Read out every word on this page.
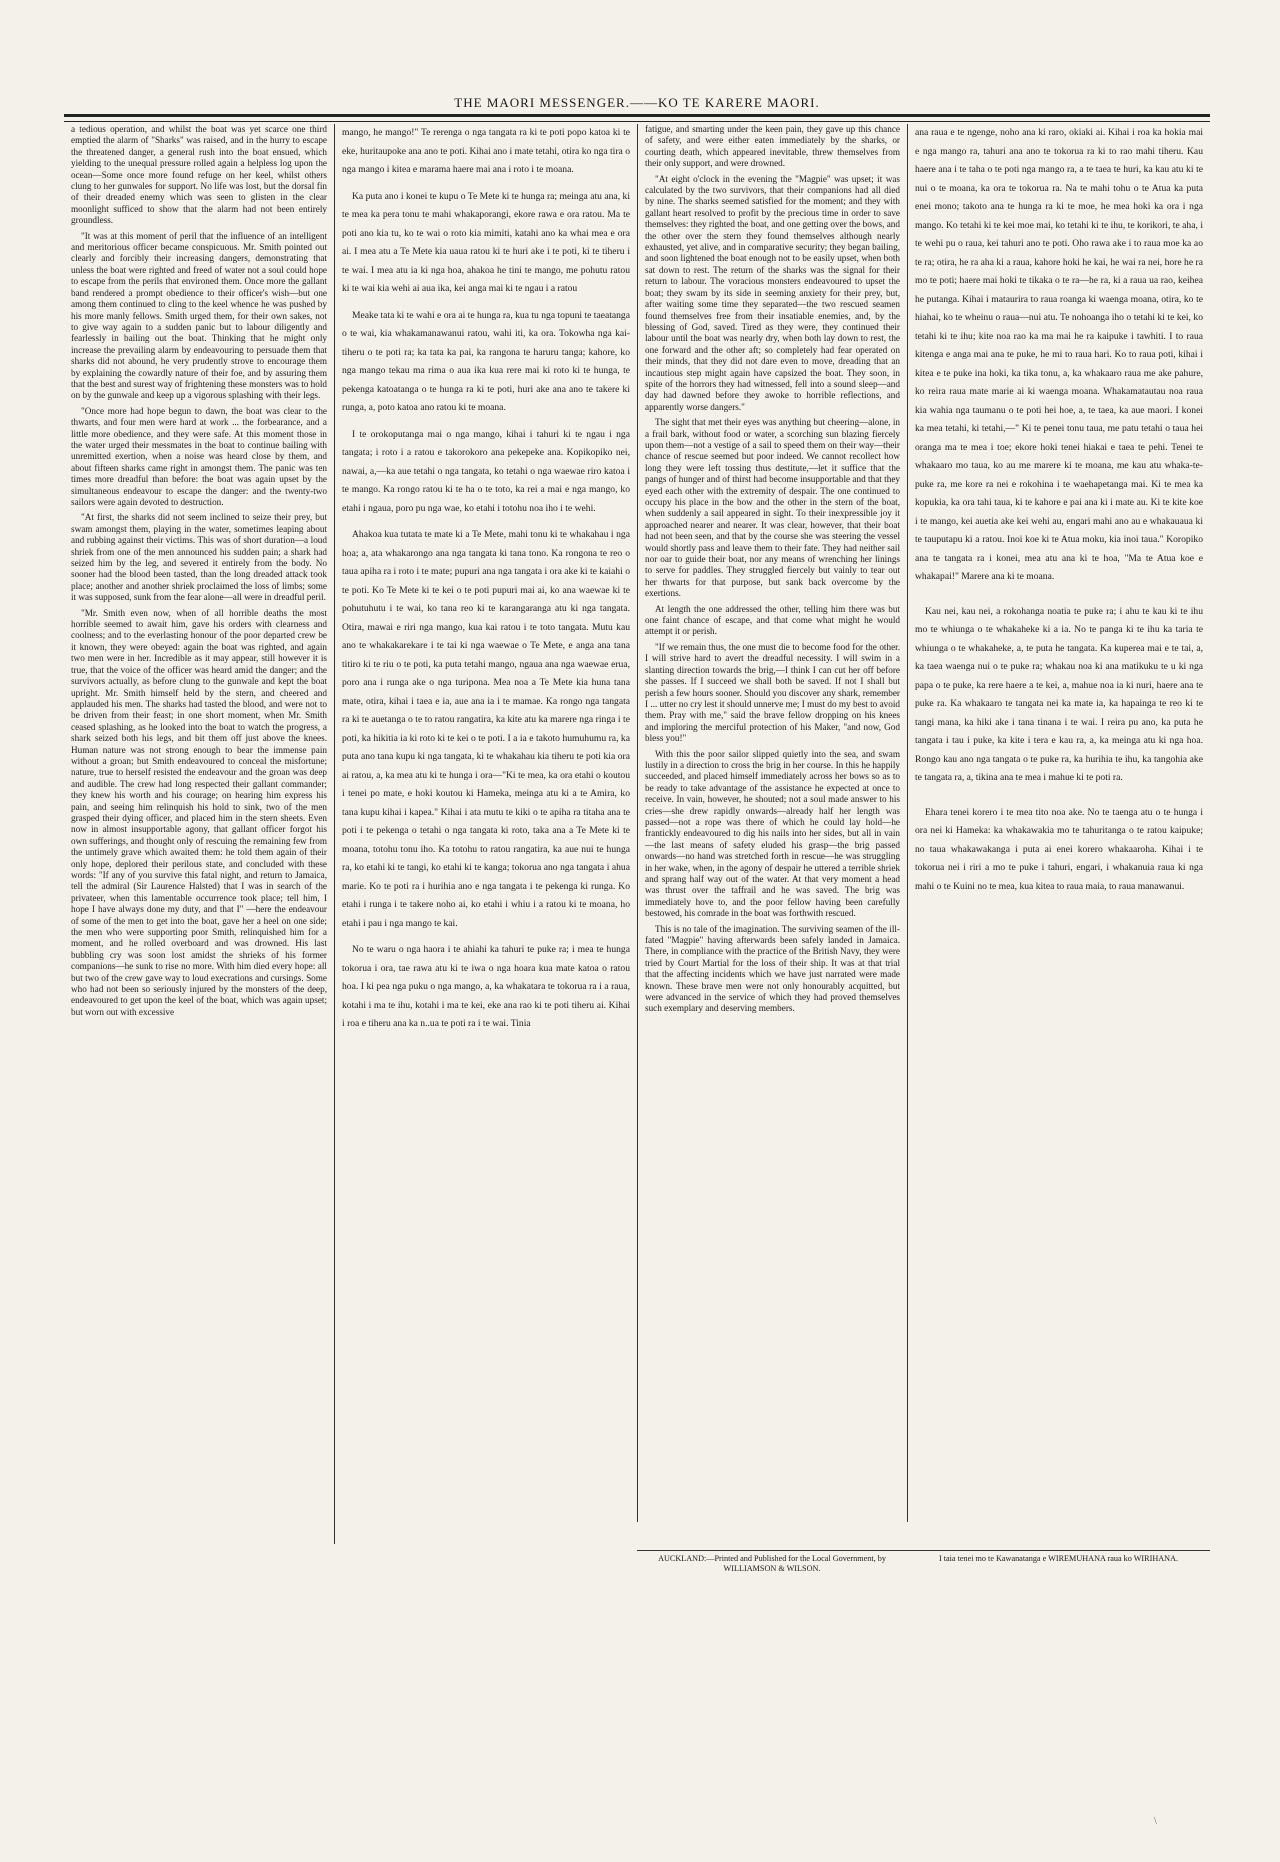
THE MAORI MESSENGER.——KO TE KARERE MAORI.

a tedious operation, and whilst the boat was yet scarce one third emptied the alarm of "Sharks" was raised, and in the hurry to escape the threatened danger, a general rush into the boat ensued, which yielding to the unequal pressure rolled again a helpless log upon the ocean—Some once more found refuge on her keel, whilst others clung to her gunwales for support. No life was lost, but the dorsal fin of their dreaded enemy which was seen to glisten in the clear moonlight sufficed to show that the alarm had not been entirely groundless.

"It was at this moment of peril that the influence of an intelligent and meritorious officer became conspicuous. Mr. Smith pointed out clearly and forcibly their increasing dangers, demonstrating that unless the boat were righted and freed of water not a soul could hope to escape from the perils that environed them. Once more the gallant band rendered a prompt obedience to their officer's wish—but one among them continued to cling to the keel whence he was pushed by his more manly fellows. Smith urged them, for their own sakes, not to give way again to a sudden panic but to labour diligently and fearlessly in bailing out the boat. Thinking that he might only increase the prevailing alarm by endeavouring to persuade them that sharks did not abound, he very prudently strove to encourage them by explaining the cowardly nature of their foe, and by assuring them that the best and surest way of frightening these monsters was to hold on by the gunwale and keep up a vigorous splashing with their legs.

"Once more had hope begun to dawn, the boat was clear to the thwarts, and four men were hard at work ... the forbearance, and a little more obedience, and they were safe. At this moment those in the water urged their messmates in the boat to continue bailing with unremitted exertion, when a noise was heard close by them, and about fifteen sharks came right in amongst them. The panic was ten times more dreadful than before: the boat was again upset by the simultaneous endeavour to escape the danger: and the twenty-two sailors were again devoted to destruction.

"At first, the sharks did not seem inclined to seize their prey, but swam amongst them, playing in the water, sometimes leaping about and rubbing against their victims. This was of short duration—a loud shriek from one of the men announced his sudden pain; a shark had seized him by the leg, and severed it entirely from the body. No sooner had the blood been tasted, than the long dreaded attack took place; another and another shriek proclaimed the loss of limbs; some it was supposed, sunk from the fear alone—all were in dreadful peril.

"Mr. Smith even now, when of all horrible deaths the most horrible seemed to await him, gave his orders with clearness and coolness; and to the everlasting honour of the poor departed crew be it known, they were obeyed: again the boat was righted, and again two men were in her. Incredible as it may appear, still however it is true, that the voice of the officer was heard amid the danger; and the survivors actually, as before clung to the gunwale and kept the boat upright. Mr. Smith himself held by the stern, and cheered and applauded his men. The sharks had tasted the blood, and were not to be driven from their feast; in one short moment, when Mr. Smith ceased splashing, as he looked into the boat to watch the progress, a shark seized both his legs, and bit them off just above the knees. Human nature was not strong enough to bear the immense pain without a groan; but Smith endeavoured to conceal the misfortune; nature, true to herself resisted the endeavour and the groan was deep and audible. The crew had long respected their gallant commander; they knew his worth and his courage; on hearing him express his pain, and seeing him relinquish his hold to sink, two of the men grasped their dying officer, and placed him in the stern sheets. Even now in almost insupportable agony, that gallant officer forgot his own sufferings, and thought only of rescuing the remaining few from the untimely grave which awaited them: he told them again of their only hope, deplored their perilous state, and concluded with these words: "If any of you survive this fatal night, and return to Jamaica, tell the admiral (Sir Laurence Halsted) that I was in search of the privateer, when this lamentable occurrence took place; tell him, I hope I have always done my duty, and that I" —here the endeavour of some of the men to get into the boat, gave her a heel on one side; the men who were supporting poor Smith, relinquished him for a moment, and he rolled overboard and was drowned. His last bubbling cry was soon lost amidst the shrieks of his former companions—he sunk to rise no more. With him died every hope: all but two of the crew gave way to loud execrations and cursings. Some who had not been so seriously injured by the monsters of the deep, endeavoured to get upon the keel of the boat, which was again upset; but worn out with excessive

mango, he mango!" Te rerenga o nga tangata ra ki te poti popo katoa ki te eke, huritaupoke ana ano te poti. Kihai ano i mate tetahi, otira ko nga tira o nga mango i kitea e marama haere mai ana i roto i te moana.

Ka puta ano i konei te kupu o Te Mete ki te hunga ra; meinga atu ana, ki te mea ka pera tonu te mahi whakaporangi, ekore rawa e ora ratou. Ma te poti ano kia tu, ko te wai o roto kia mimiti, katahi ano ka whai mea e ora ai. I mea atu a Te Mete kia uaua ratou ki te huri ake i te poti, ki te tiheru i te wai. I mea atu ia ki nga hoa, ahakoa he tini te mango, me pohutu ratou ki te wai kia wehi ai aua ika, kei anga mai ki te ngau i a ratou

Meake tata ki te wahi e ora ai te hunga ra, kua tu nga topuni te taeatanga o te wai, kia whakamanawanui ratou, wahi iti, ka ora. Tokowha nga kai-tiheru o te poti ra; ka tata ka pai, ka rangona te haruru tanga; kahore, ko nga mango tekau ma rima o aua ika kua rere mai ki roto ki te hunga, te pekenga katoatanga o te hunga ra ki te poti, huri ake ana ano te takere ki runga, a, poto katoa ano ratou ki te moana.

I te orokoputanga mai o nga mango, kihai i tahuri ki te ngau i nga tangata; i roto i a ratou e takorokoro ana pekepeke ana. Kopikopiko nei, nawai, a,—ka aue tetahi o nga tangata, ko tetahi o nga waewae riro katoa i te mango. Ka rongo ratou ki te ha o te toto, ka rei a mai e nga mango, ko etahi i ngaua, poro pu nga wae, ko etahi i totohu noa iho i te wehi.

Ahakoa kua tutata te mate ki a Te Mete, mahi tonu ki te whakahau i nga hoa; a, ata whakarongo ana nga tangata ki tana tono. Ka rongona te reo o taua apiha ra i roto i te mate; pupuri ana nga tangata i ora ake ki te kaiahi o te poti. Ko Te Mete ki te kei o te poti pupuri mai ai, ko ana waewae ki te pohutuhutu i te wai, ko tana reo ki te karangaranga atu ki nga tangata. Otira, mawai e riri nga mango, kua kai ratou i te toto tangata. Mutu kau ano te whakakarekare i te tai ki nga waewae o Te Mete, e anga ana tana titiro ki te riu o te poti, ka puta tetahi mango, ngaua ana nga waewae erua, poro ana i runga ake o nga turipona. Mea noa a Te Mete kia huna tana mate, otira, kihai i taea e ia, aue ana ia i te mamae. Ka rongo nga tangata ra ki te auetanga o te to ratou rangatira, ka kite atu ka marere nga ringa i te poti, ka hikitia ia ki roto ki te kei o te poti. I a ia e takoto humuhumu ra, ka puta ano tana kupu ki nga tangata, ki te whakahau kia tiheru te poti kia ora ai ratou, a, ka mea atu ki te hunga i ora—"Ki te mea, ka ora etahi o koutou i tenei po mate, e hoki koutou ki Hameka, meinga atu ki a te Amira, ko tana kupu kihai i kapea." Kihai i ata mutu te kiki o te apiha ra titaha ana te poti i te pekenga o tetahi o nga tangata ki roto, taka ana a Te Mete ki te moana, totohu tonu iho. Ka totohu to ratou rangatira, ka aue nui te hunga ra, ko etahi ki te tangi, ko etahi ki te kanga; tokorua ano nga tangata i ahua marie. Ko te poti ra i hurihia ano e nga tangata i te pekenga ki runga. Ko etahi i runga i te takere noho ai, ko etahi i whiu i a ratou ki te moana, ho etahi i pau i nga mango te kai.

No te waru o nga haora i te ahiahi ka tahuri te puke ra; i mea te hunga tokorua i ora, tae rawa atu ki te iwa o nga hoara kua mate katoa o ratou hoa. I ki pea nga puku o nga mango, a, ka whakatara te tokorua ra i a raua, kotahi i ma te ihu, kotahi i ma te kei, eke ana rao ki te poti tiheru ai. Kihai i roa e tiheru ana ka n..ua te poti ra i te wai. Tinia

fatigue, and smarting under the keen pain, they gave up this chance of safety, and were either eaten immediately by the sharks, or courting death, which appeared inevitable, threw themselves from their only support, and were drowned.

"At eight o'clock in the evening the "Magpie" was upset; it was calculated by the two survivors, that their companions had all died by nine. The sharks seemed satisfied for the moment; and they with gallant heart resolved to profit by the precious time in order to save themselves: they righted the boat, and one getting over the bows, and the other over the stern they found themselves although nearly exhausted, yet alive, and in comparative security; they began bailing, and soon lightened the boat enough not to be easily upset, when both sat down to rest. The return of the sharks was the signal for their return to labour. The voracious monsters endeavoured to upset the boat; they swam by its side in seeming anxiety for their prey, but, after waiting some time they separated—the two rescued seamen found themselves free from their insatiable enemies, and, by the blessing of God, saved. Tired as they were, they continued their labour until the boat was nearly dry, when both lay down to rest, the one forward and the other aft; so completely had fear operated on their minds, that they did not dare even to move, dreading that an incautious step might again have capsized the boat. They soon, in spite of the horrors they had witnessed, fell into a sound sleep—and day had dawned before they awoke to horrible reflections, and apparently worse dangers."

The sight that met their eyes was anything but cheering—alone, in a frail bark, without food or water, a scorching sun blazing fiercely upon them—not a vestige of a sail to speed them on their way—their chance of rescue seemed but poor indeed. We cannot recollect how long they were left tossing thus destitute,—let it suffice that the pangs of hunger and of thirst had become insupportable and that they eyed each other with the extremity of despair. The one continued to occupy his place in the bow and the other in the stern of the boat, when suddenly a sail appeared in sight. To their inexpressible joy it approached nearer and nearer. It was clear, however, that their boat had not been seen, and that by the course she was steering the vessel would shortly pass and leave them to their fate. They had neither sail nor oar to guide their boat, nor any means of wrenching her linings to serve for paddles. They struggled fiercely but vainly to tear out her thwarts for that purpose, but sank back overcome by the exertions.

At length the one addressed the other, telling him there was but one faint chance of escape, and that come what might he would attempt it or perish.

"If we remain thus, the one must die to become food for the other. I will strive hard to avert the dreadful necessity. I will swim in a slanting direction towards the brig,—I think I can cut her off before she passes. If I succeed we shall both be saved. If not I shall but perish a few hours sooner. Should you discover any shark, remember I ... utter no cry lest it should unnerve me; I must do my best to avoid them. Pray with me," said the brave fellow dropping on his knees and imploring the merciful protection of his Maker, "and now, God bless you!"

With this the poor sailor slipped quietly into the sea, and swam lustily in a direction to cross the brig in her course. In this he happily succeeded, and placed himself immediately across her bows so as to be ready to take advantage of the assistance he expected at once to receive. In vain, however, he shouted; not a soul made answer to his cries—she drew rapidly onwards—already half her length was passed—not a rope was there of which he could lay hold—he frantickly endeavoured to dig his nails into her sides, but all in vain—the last means of safety eluded his grasp—the brig passed onwards—no hand was stretched forth in rescue—he was struggling in her wake, when, in the agony of despair he uttered a terrible shriek and sprang half way out of the water. At that very moment a head was thrust over the taffrail and he was saved. The brig was immediately hove to, and the poor fellow having been carefully bestowed, his comrade in the boat was forthwith rescued.

This is no tale of the imagination. The surviving seamen of the ill-fated "Magpie" having afterwards been safely landed in Jamaica. There, in compliance with the practice of the British Navy, they were tried by Court Martial for the loss of their ship. It was at that trial that the affecting incidents which we have just narrated were made known. These brave men were not only honourably acquitted, but were advanced in the service of which they had proved themselves such exemplary and deserving members.

ana raua e te ngenge, noho ana ki raro, okiaki ai. Kihai i roa ka hokia mai e nga mango ra, tahuri ana ano te tokorua ra ki to rao mahi tiheru. Kau haere ana i te taha o te poti nga mango ra, a te taea te huri, ka kau atu ki te nui o te moana, ka ora te tokorua ra. Na te mahi tohu o te Atua ka puta enei mono; takoto ana te hunga ra ki te moe, he mea hoki ka ora i nga mango. Ko tetahi ki te kei moe mai, ko tetahi ki te ihu, te korikori, te aha, i te wehi pu o raua, kei tahuri ano te poti. Oho rawa ake i to raua moe ka ao te ra; otira, he ra aha ki a raua, kahore hoki he kai, he wai ra nei, hore he ra mo te poti; haere mai hoki te tikaka o te ra—he ra, ki a raua ua rao, keihea he putanga. Kihai i mataurira to raua roanga ki waenga moana, otira, ko te hiahai, ko te wheinu o raua—nui atu. Te nohoanga iho o tetahi ki te kei, ko tetahi ki te ihu; kite noa rao ka ma mai he ra kaipuke i tawhiti. I to raua kitenga e anga mai ana te puke, he mi to raua hari. Ko to raua poti, kihai i kitea e te puke ina hoki, ka tika tonu, a, ka whakaaro raua me ake pahure, ko reira raua mate marie ai ki waenga moana. Whakamatautau noa raua kia wahia nga taumanu o te poti hei hoe, a, te taea, ka aue maori. I konei ka mea tetahi, ki tetahi,—" Ki te penei tonu taua, me patu tetahi o taua hei oranga ma te mea i toe; ekore hoki tenei hiakai e taea te pehi. Tenei te whakaaro mo taua, ko au me marere ki te moana, me kau atu whaka-te-puke ra, me kore ra nei e rokohina i te waehapetanga mai. Ki te mea ka kopukia, ka ora tahi taua, ki te kahore e pai ana ki i mate au. Ki te kite koe i te mango, kei auetia ake kei wehi au, engari mahi ano au e whakauaua ki te tauputapu ki a ratou. Inoi koe ki te Atua moku, kia inoi taua." Koropiko ana te tangata ra i konei, mea atu ana ki te hoa, "Ma te Atua koe e whakapai!" Marere ana ki te moana.

Kau nei, kau nei, a rokohanga noatia te puke ra; i ahu te kau ki te ihu mo te whiunga o te whakaheke ki a ia. No te panga ki te ihu ka taria te whiunga o te whakaheke, a, te puta he tangata. Ka kuperea mai e te tai, a, ka taea waenga nui o te puke ra; whakau noa ki ana matikuku te u ki nga papa o te puke, ka rere haere a te kei, a, mahue noa ia ki nuri, haere ana te puke ra. Ka whakaaro te tangata nei ka mate ia, ka hapainga te reo ki te tangi mana, ka hiki ake i tana tinana i te wai. I reira pu ano, ka puta he tangata i tau i puke, ka kite i tera e kau ra, a, ka meinga atu ki nga hoa. Rongo kau ano nga tangata o te puke ra, ka hurihia te ihu, ka tangohia ake te tangata ra, a, tikina ana te mea i mahue ki te poti ra.

Ehara tenei korero i te mea tito noa ake. No te taenga atu o te hunga i ora nei ki Hameka: ka whakawakia mo te tahuritanga o te ratou kaipuke; no taua whakawakanga i puta ai enei korero whakaaroha. Kihai i te tokorua nei i riri a mo te puke i tahuri, engari, i whakanuia raua ki nga mahi o te Kuini no te mea, kua kitea to raua maia, to raua manawanui.

AUCKLAND:—Printed and Published for the Local Government, by WILLIAMSON & WILSON.
I taia tenei mo te Kawanatanga e WIREMUHANA raua ko WIRIHANA.
\
